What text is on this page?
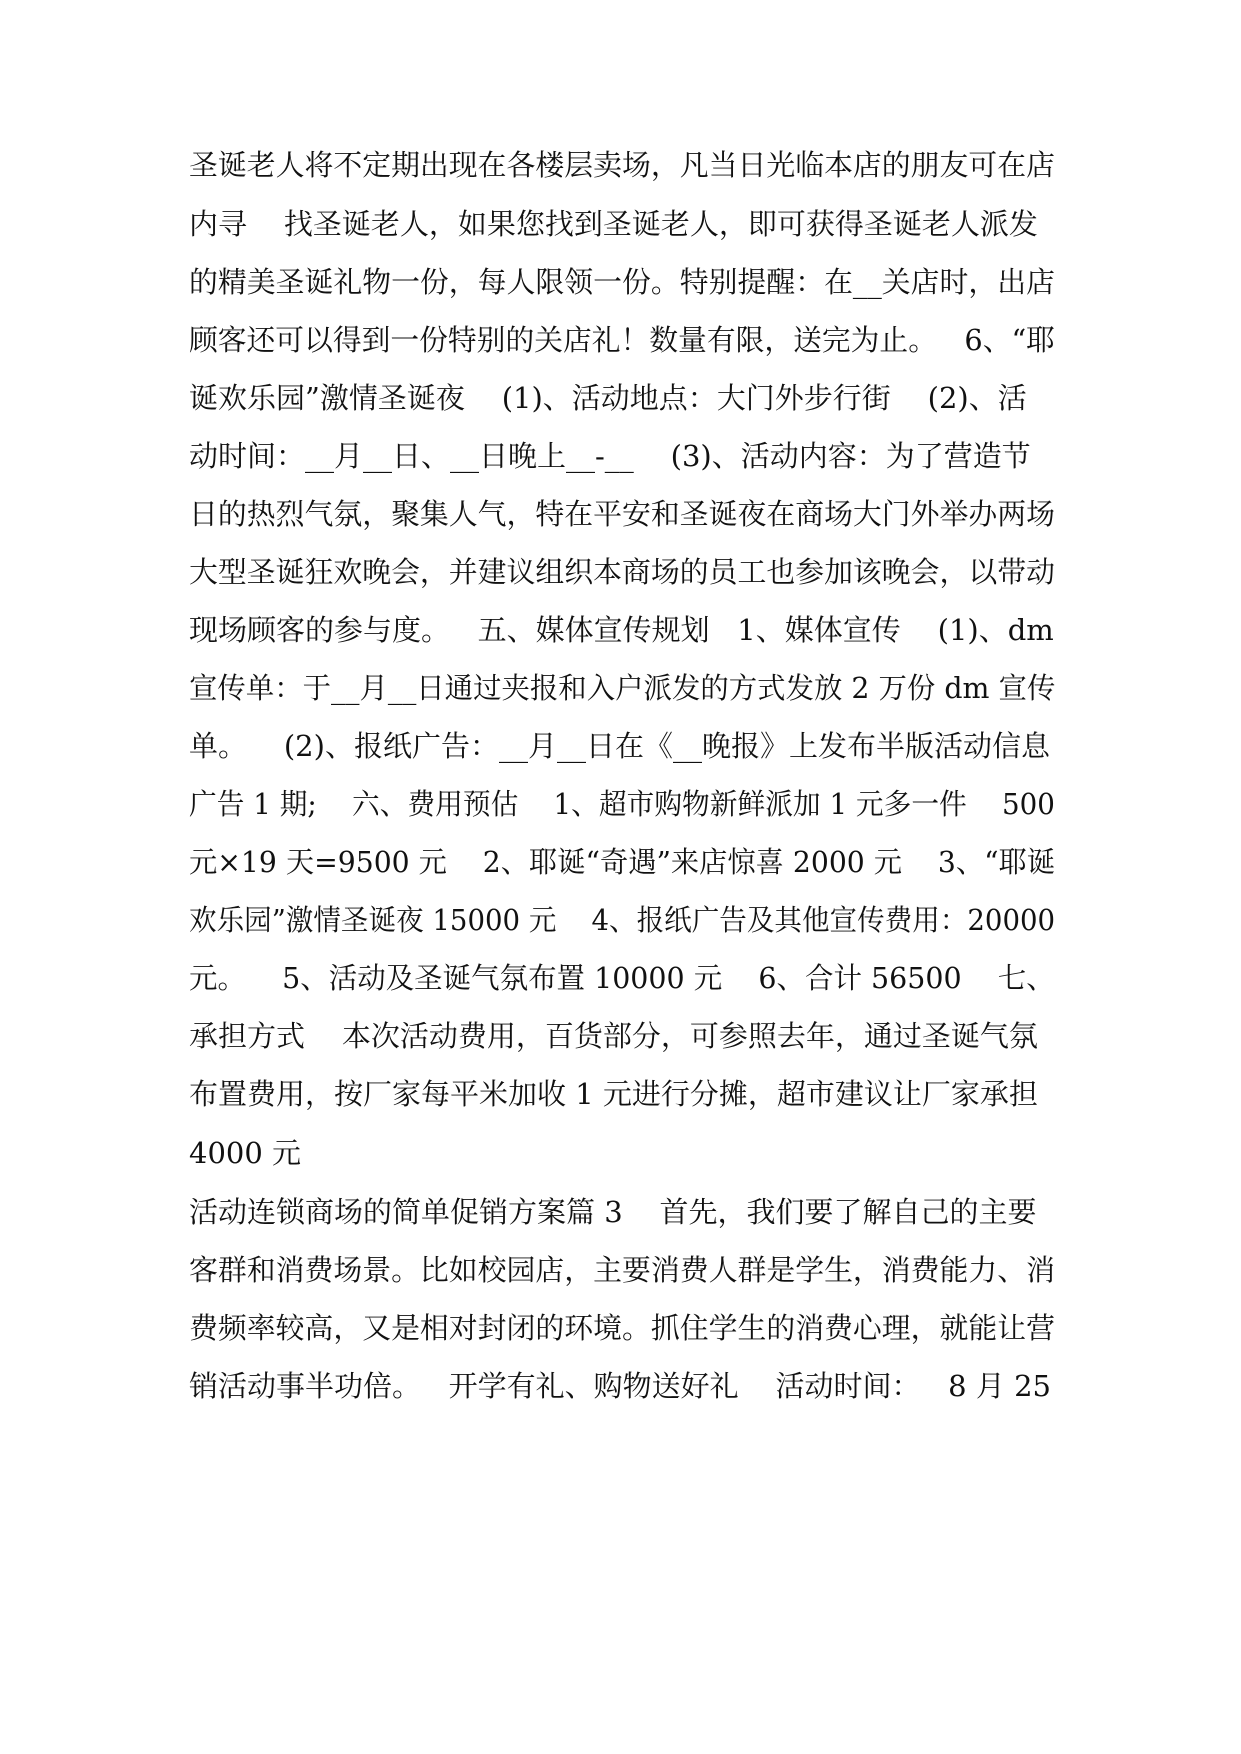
圣诞老人将不定期出现在各楼层卖场，凡当日光临本店的朋友可在店
内寻    找圣诞老人，如果您找到圣诞老人，即可获得圣诞老人派发
的精美圣诞礼物一份，每人限领一份。特别提醒：在__关店时，出店
顾客还可以得到一份特别的关店礼！数量有限，送完为止。   6、“耶
诞欢乐园”激情圣诞夜    (1)、活动地点：大门外步行街    (2)、活
动时间：__月__日、__日晚上__-__    (3)、活动内容：为了营造节
日的热烈气氛，聚集人气，特在平安和圣诞夜在商场大门外举办两场
大型圣诞狂欢晚会，并建议组织本商场的员工也参加该晚会，以带动
现场顾客的参与度。   五、媒体宣传规划   1、媒体宣传    (1)、dm
宣传单：于__月__日通过夹报和入户派发的方式发放 2 万份 dm 宣传
单。    (2)、报纸广告：__月__日在《__晚报》上发布半版活动信息
广告 1 期;    六、费用预估    1、超市购物新鲜派加 1 元多一件    500
元×19 天=9500 元    2、耶诞“奇遇”来店惊喜 2000 元    3、“耶诞
欢乐园”激情圣诞夜 15000 元    4、报纸广告及其他宣传费用：20000
元。    5、活动及圣诞气氛布置 10000 元    6、合计 56500    七、
承担方式    本次活动费用，百货部分，可参照去年，通过圣诞气氛
布置费用，按厂家每平米加收 1 元进行分摊，超市建议让厂家承担
4000 元
活动连锁商场的简单促销方案篇 3    首先，我们要了解自己的主要
客群和消费场景。比如校园店，主要消费人群是学生，消费能力、消
费频率较高，又是相对封闭的环境。抓住学生的消费心理，就能让营
销活动事半功倍。   开学有礼、购物送好礼    活动时间：   8 月 25
